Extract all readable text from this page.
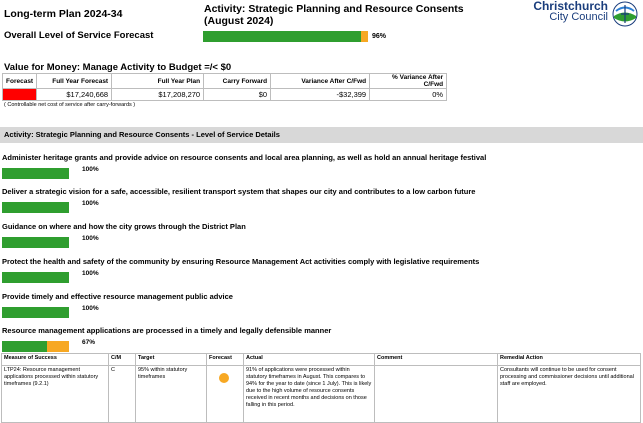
Long-term Plan 2024-34	Activity: Strategic Planning and Resource Consents (August 2024)
Christchurch
City Council
Overall Level of Service Forecast	96%
Value for Money: Manage Activity to Budget =/< $0
Forecast	Full Year Forecast	Full Year Plan	Carry Forward	Variance After C/Fwd	% Variance After C/Fwd
	$17,240,668	$17,208,270	$0	-$32,399	0%
( Controllable net cost of service after carry-forwards )
Activity: Strategic Planning and Resource Consents - Level of Service Details
Administer heritage grants and provide advice on resource consents and local area planning, as well as hold an annual heritage festival
100%
Deliver a strategic vision for a safe, accessible, resilient transport system that shapes our city and contributes to a low carbon future
100%
Guidance on where and how the city grows through the District Plan
100%
Protect the health and safety of the community by ensuring Resource Management Act activities comply with legislative requirements
100%
Provide timely and effective resource management public advice
100%
Resource management applications are processed in a timely and legally defensible manner
67%
Measure of Success	C/M	Target	Forecast	Actual	Comment	Remedial Action
LTP24: Resource management applications processed within statutory timeframes (9.2.1)	C	95% within statutory timeframes		91% of applications were processed within statutory timeframes in August. This compares to 94% for the year to date (since 1 July). This is likely due to the high volume of resource consents received in recent months and decisions on those falling in this period.		Consultants will continue to be used for consent processing and commissioner decisions until additional staff are employed.
